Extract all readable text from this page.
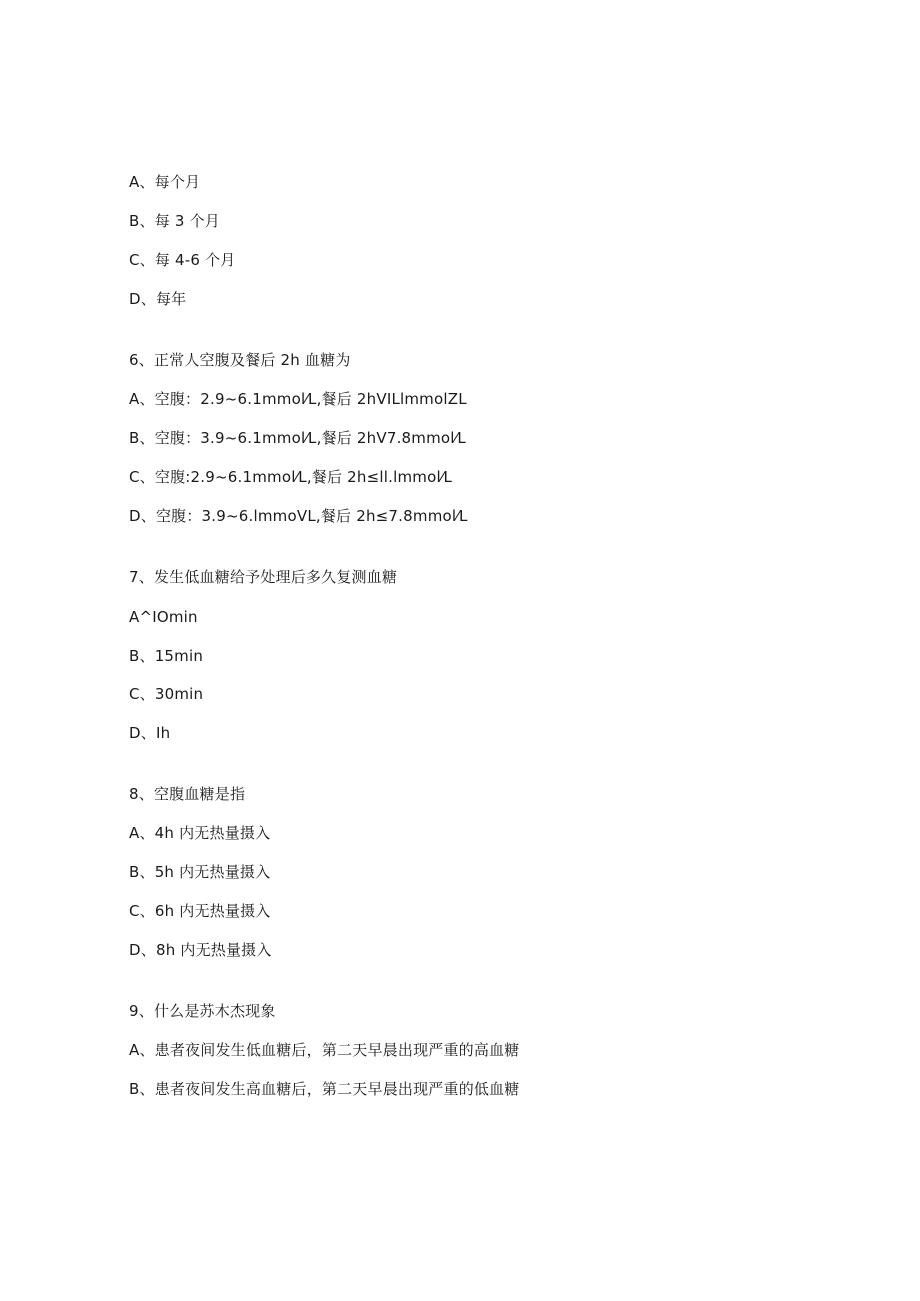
A、每个月
B、每 3 个月
C、每 4-6 个月
D、每年
6、正常人空腹及餐后 2h 血糖为
A、空腹：2.9~6.1mmol⁄L,餐后 2hVILlmmolZL
B、空腹：3.9~6.1mmol⁄L,餐后 2hV7.8mmol⁄L
C、空腹:2.9~6.1mmol⁄L,餐后 2h≤ll.lmmol⁄L
D、空腹：3.9~6.lmmoVL,餐后 2h≤7.8mmol⁄L
7、发生低血糖给予处理后多久复测血糖
A^IOmin
B、15min
C、30min
D、Ih
8、空腹血糖是指
A、4h 内无热量摄入
B、5h 内无热量摄入
C、6h 内无热量摄入
D、8h 内无热量摄入
9、什么是苏木杰现象
A、患者夜间发生低血糖后，第二天早晨出现严重的高血糖
B、患者夜间发生高血糖后，第二天早晨出现严重的低血糖
